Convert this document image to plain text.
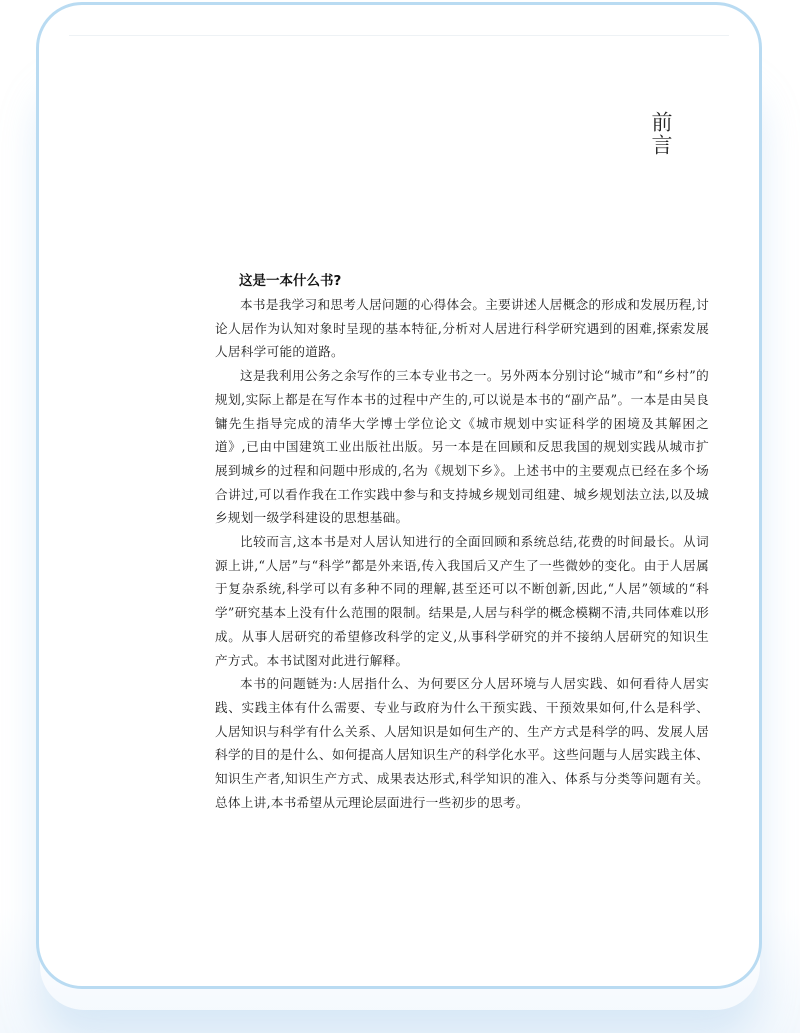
前言
这是一本什么书?

本书是我学习和思考人居问题的心得体会。主要讲述人居概念的形成和发展历程,讨论人居作为认知对象时呈现的基本特征,分析对人居进行科学研究遇到的困难,探索发展人居科学可能的道路。

这是我利用公务之余写作的三本专业书之一。另外两本分别讨论“城市”和“乡村”的规划,实际上都是在写作本书的过程中产生的,可以说是本书的“副产品”。一本是由吴良镛先生指导完成的清华大学博士学位论文《城市规划中实证科学的困境及其解困之道》,已由中国建筑工业出版社出版。另一本是在回顾和反思我国的规划实践从城市扩展到城乡的过程和问题中形成的,名为《规划下乡》。上述书中的主要观点已经在多个场合讲过,可以看作我在工作实践中参与和支持城乡规划司组建、城乡规划法立法,以及城乡规划一级学科建设的思想基础。

比较而言,这本书是对人居认知进行的全面回顾和系统总结,花费的时间最长。从词源上讲,“人居”与“科学”都是外来语,传入我国后又产生了一些微妙的变化。由于人居属于复杂系统,科学可以有多种不同的理解,甚至还可以不断创新,因此,“人居”领域的“科学”研究基本上没有什么范围的限制。结果是,人居与科学的概念模糊不清,共同体难以形成。从事人居研究的希望修改科学的定义,从事科学研究的并不接纳人居研究的知识生产方式。本书试图对此进行解释。

本书的问题链为:人居指什么、为何要区分人居环境与人居实践、如何看待人居实践、实践主体有什么需要、专业与政府为什么干预实践、干预效果如何,什么是科学、人居知识与科学有什么关系、人居知识是如何生产的、生产方式是科学的吗、发展人居科学的目的是什么、如何提高人居知识生产的科学化水平。这些问题与人居实践主体、知识生产者,知识生产方式、成果表达形式,科学知识的准入、体系与分类等问题有关。总体上讲,本书希望从元理论层面进行一些初步的思考。
